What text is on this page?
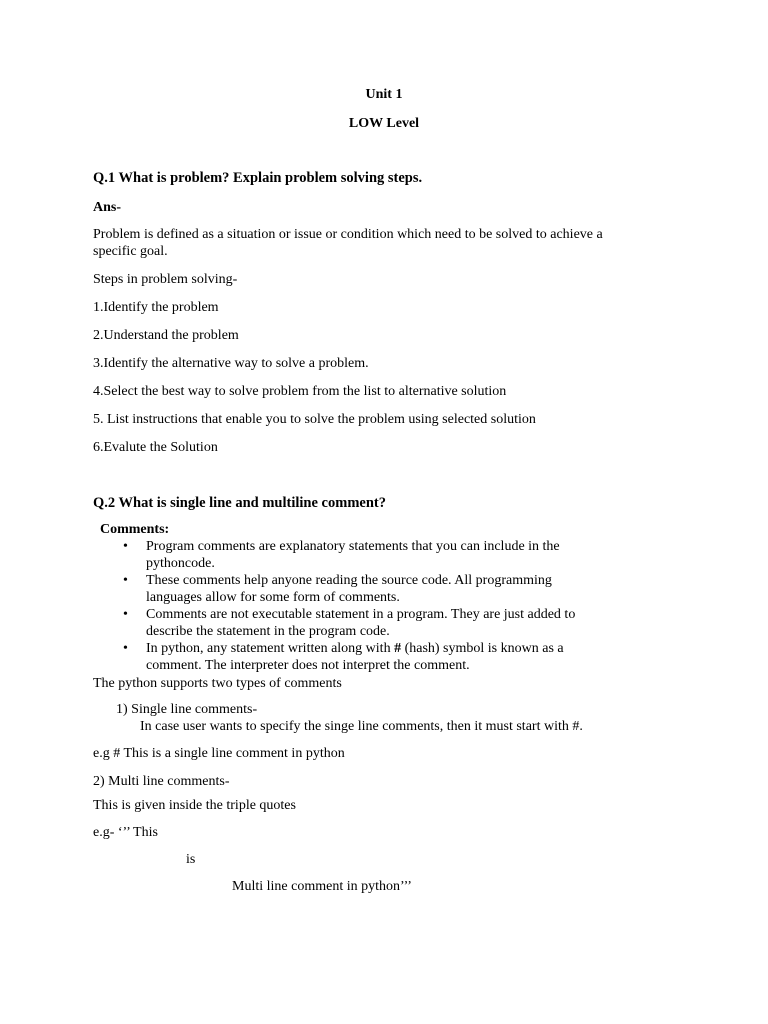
Unit 1
LOW Level
Q.1 What is problem? Explain problem solving steps.
Ans-
Problem is defined as a situation or issue or condition which need to be solved to achieve a
specific goal.
Steps in problem solving-
1.Identify the problem
2.Understand the problem
3.Identify the alternative way to solve a problem.
4.Select the best way to solve problem from the list to alternative solution
5. List instructions that enable you to solve the problem using selected solution
6.Evalute the Solution
Q.2 What is single line and multiline comment?
Comments:
• Program comments are explanatory statements that you can include in the
pythoncode.
• These comments help anyone reading the source code. All programming
languages allow for some form of comments.
• Comments are not executable statement in a program. They are just added to
describe the statement in the program code.
• In python, any statement written along with # (hash) symbol is known as a
comment. The interpreter does not interpret the comment.
The python supports two types of comments
1) Single line comments-
In case user wants to specify the singe line comments, then it must start with #.
e.g # This is a single line comment in python
2) Multi line comments-
This is given inside the triple quotes
e.g- ‘’’ This
is
Multi line comment in python’’’
